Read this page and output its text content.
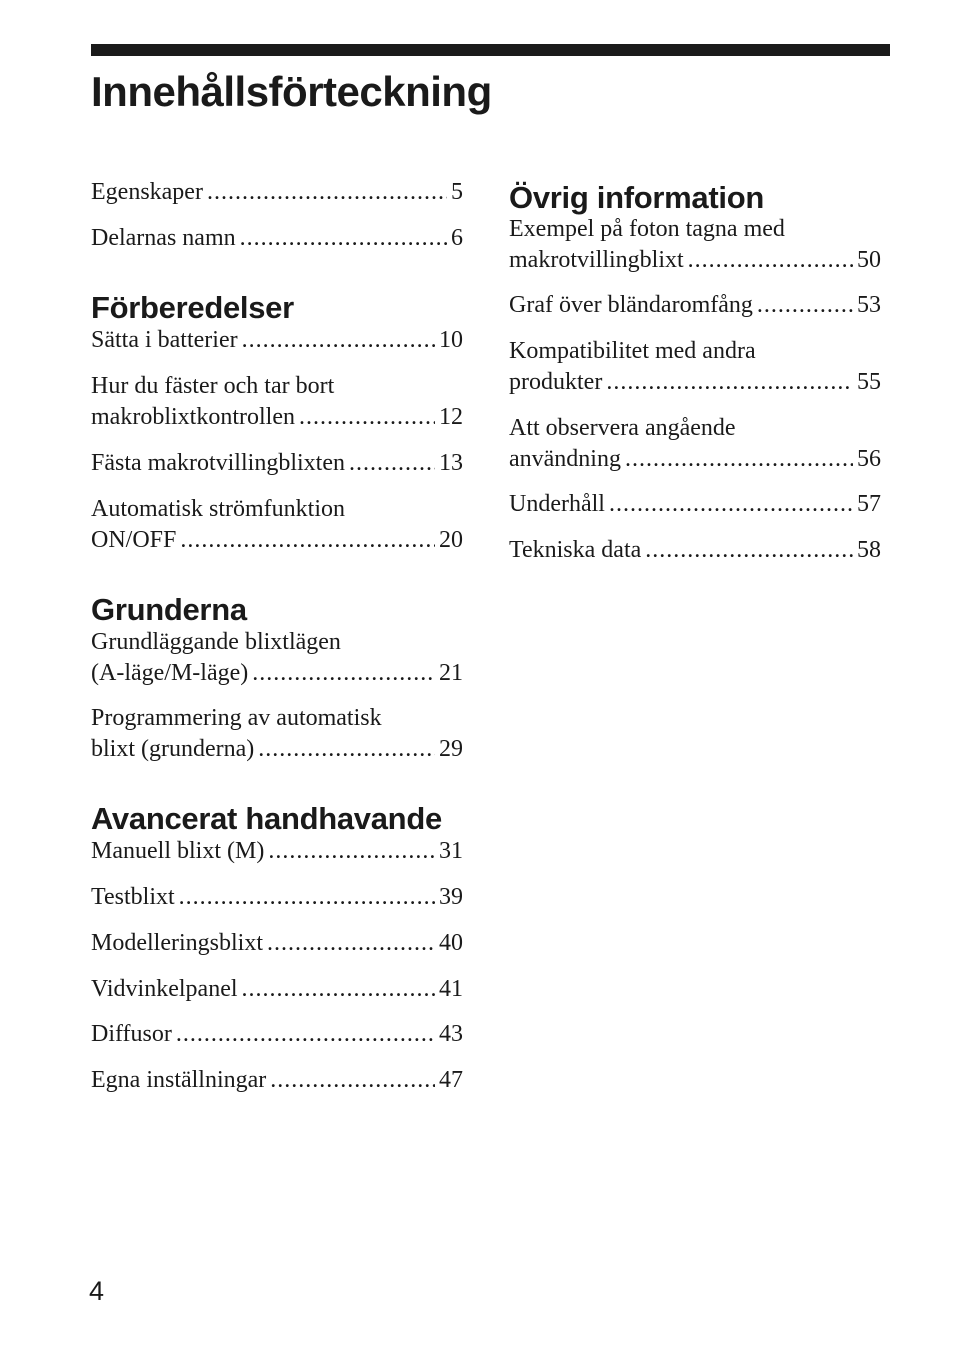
Innehållsförteckning
Egenskaper .....	5
Delarnas namn .....	6
Förberedelser
Sätta i batterier .....	10
Hur du fäster och tar bort
makroblixtkontrollen .....	12
Fästa makrotvillingblixten .....	13
Automatisk strömfunktion
ON/OFF .....	20
Grunderna
Grundläggande blixtlägen
(A-läge/M-läge) .....	21
Programmering av automatisk
blixt (grunderna) .....	29
Avancerat handhavande
Manuell blixt (M) .....	31
Testblixt .....	39
Modelleringsblixt .....	40
Vidvinkelpanel .....	41
Diffusor .....	43
Egna inställningar .....	47
Övrig information
Exempel på foton tagna med
makrotvillingblixt .....	50
Graf över bländaromfång .....	53
Kompatibilitet med andra
produkter .....	55
Att observera angående
användning .....	56
Underhåll .....	57
Tekniska data .....	58
4
